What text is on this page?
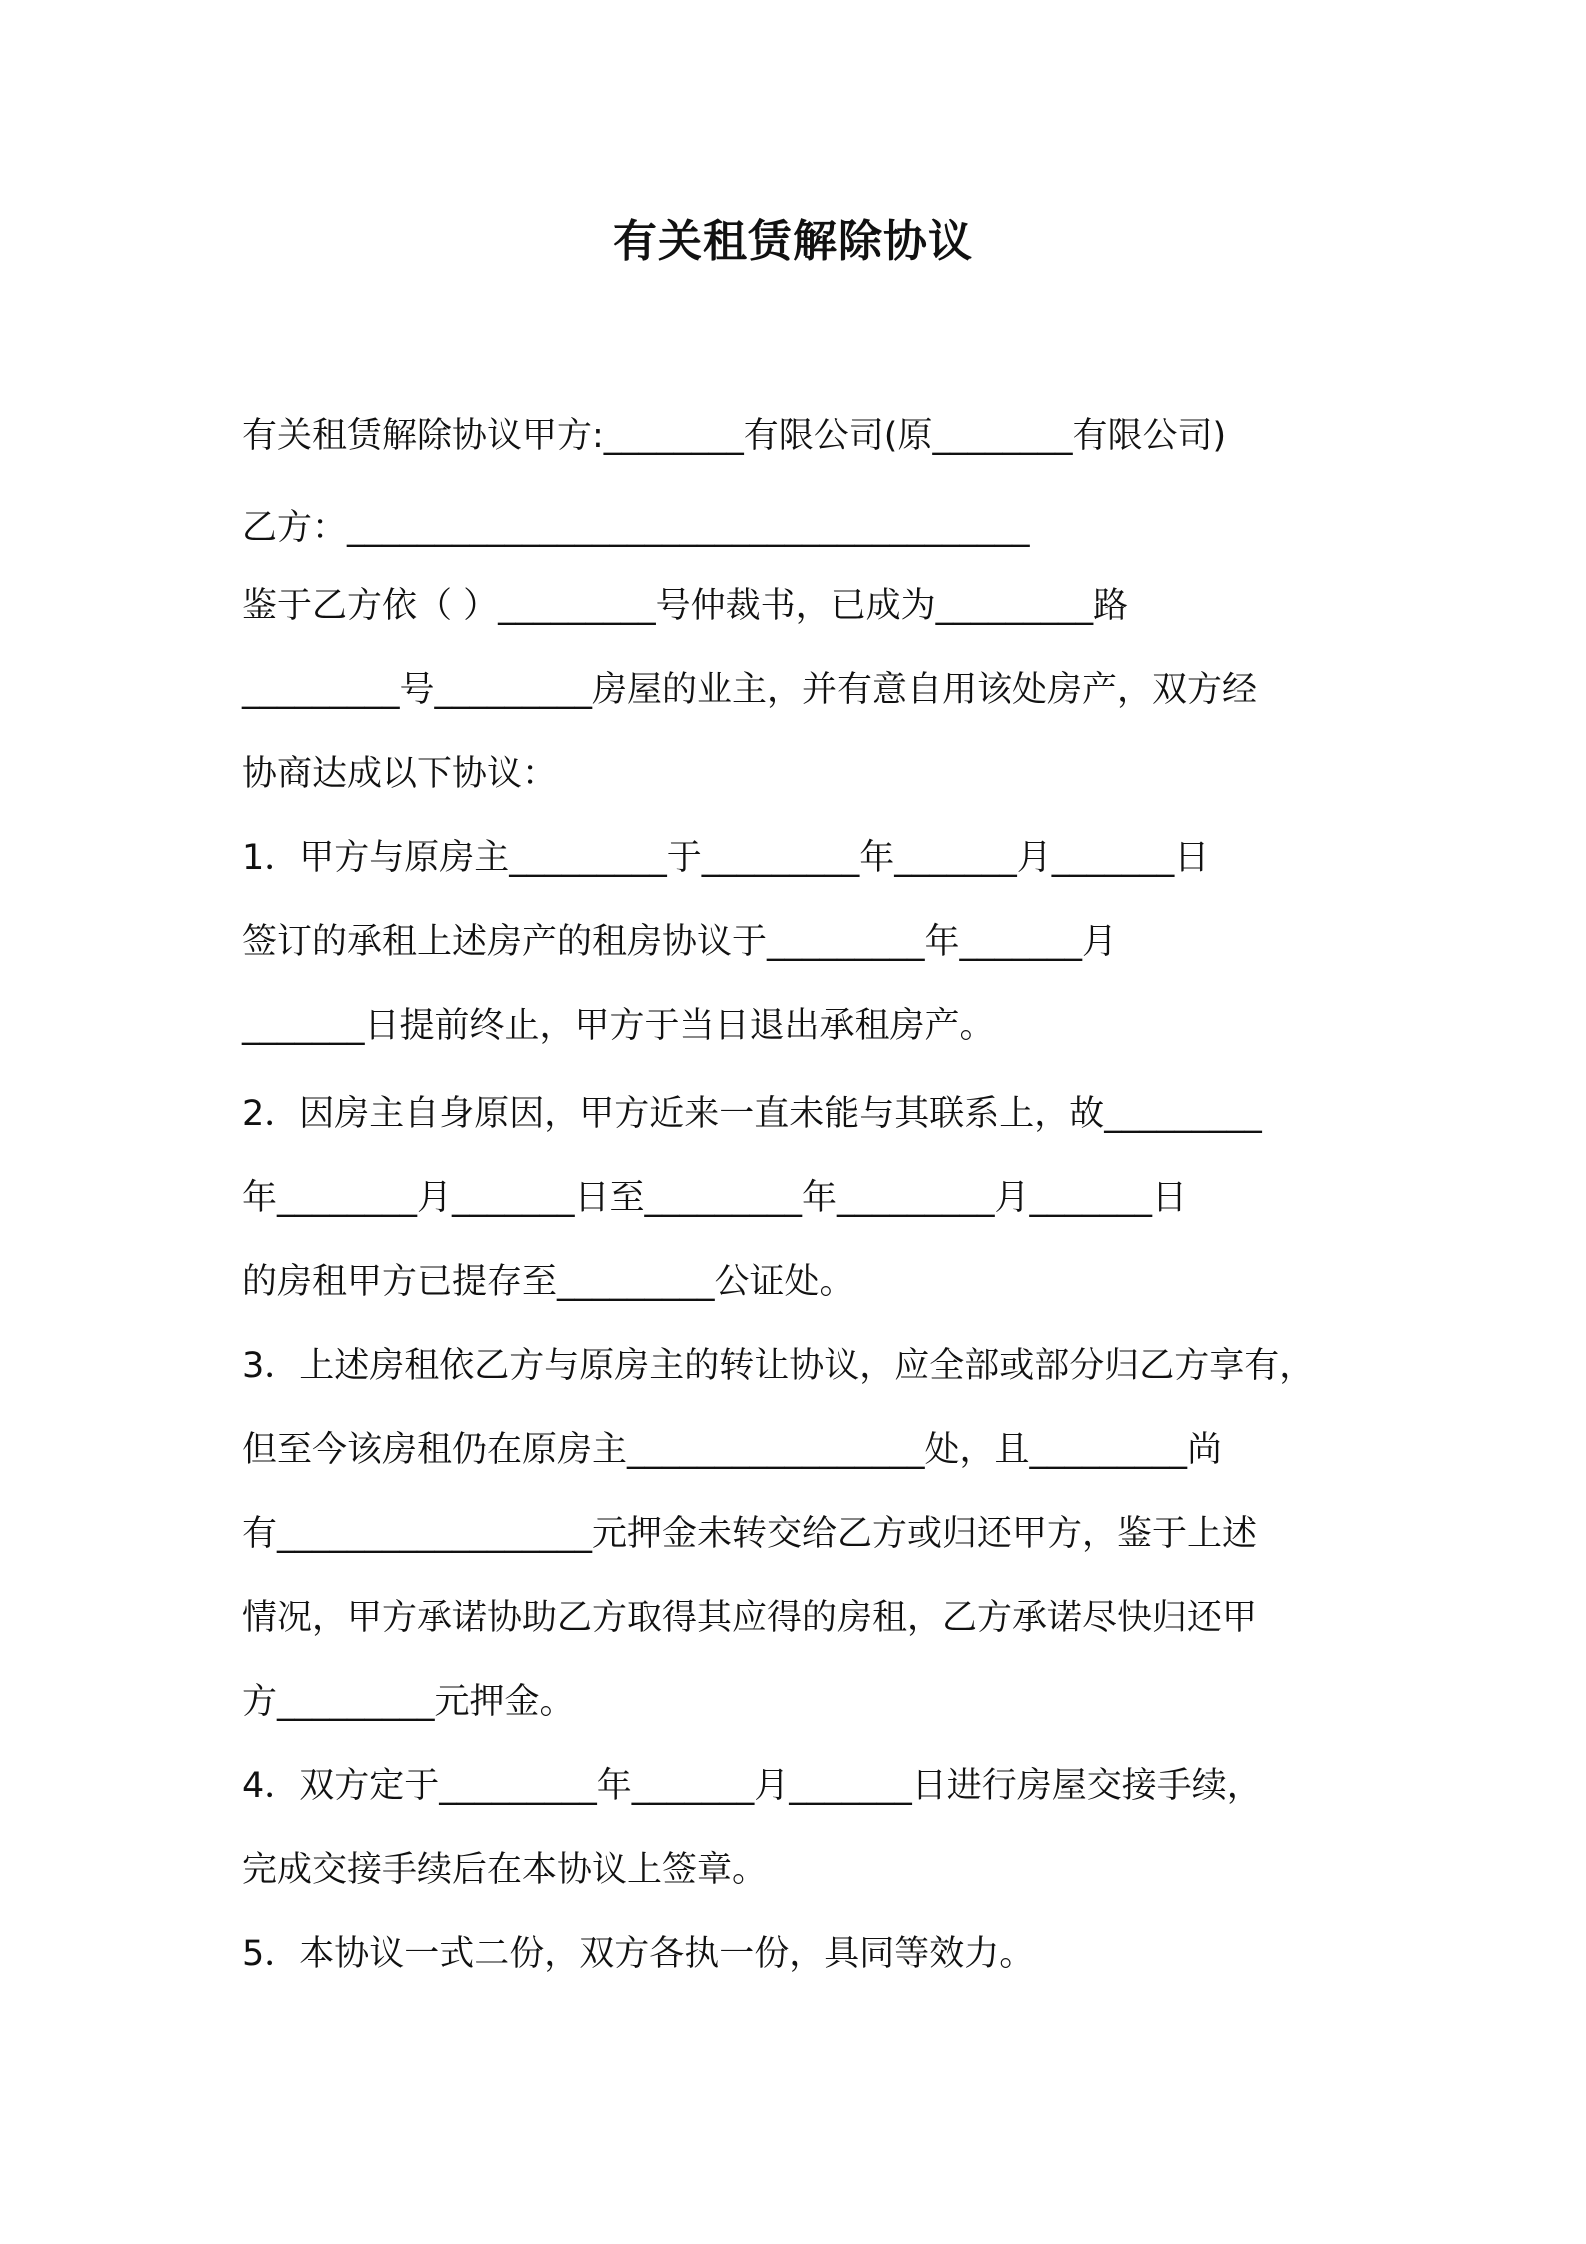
有关租赁解除协议

有关租赁解除协议甲方:________有限公司(原________有限公司)

乙方：_______________________________________

鉴于乙方依（ ）_________号仲裁书，已成为_________路

_________号_________房屋的业主，并有意自用该处房产，双方经

协商达成以下协议：

1．甲方与原房主_________于_________年_______月_______日

签订的承租上述房产的租房协议于_________年_______月

_______日提前终止，甲方于当日退出承租房产。

2．因房主自身原因，甲方近来一直未能与其联系上，故_________

年________月_______日至_________年_________月_______日

的房租甲方已提存至_________公证处。

3．上述房租依乙方与原房主的转让协议，应全部或部分归乙方享有，

但至今该房租仍在原房主_________________处，且_________尚

有__________________元押金未转交给乙方或归还甲方，鉴于上述

情况，甲方承诺协助乙方取得其应得的房租，乙方承诺尽快归还甲

方_________元押金。

4．双方定于_________年_______月_______日进行房屋交接手续，

完成交接手续后在本协议上签章。

5．本协议一式二份，双方各执一份，具同等效力。
